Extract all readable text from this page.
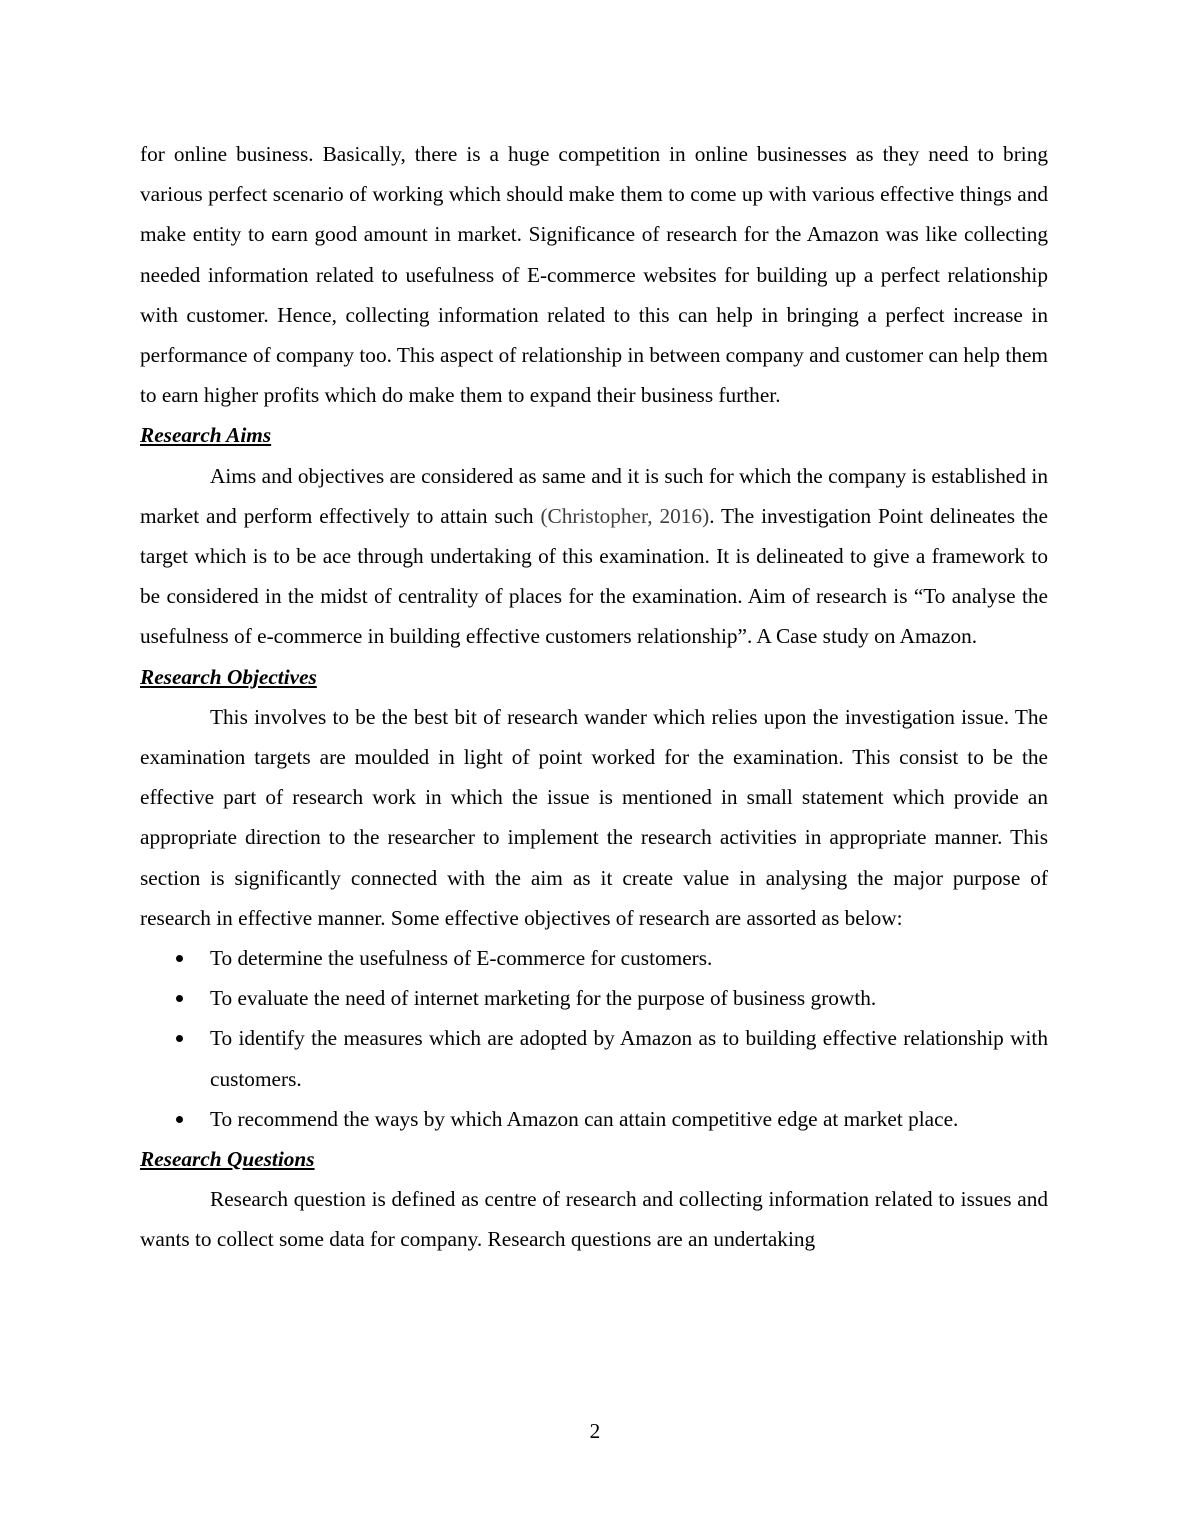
for online business. Basically, there is a huge competition in online businesses as they need to bring various perfect scenario of working which should make them to come up with various effective things and make entity to earn good amount in market. Significance of research for the Amazon was like collecting needed information related to usefulness of E-commerce websites for building up a perfect relationship with customer. Hence, collecting information related to this can help in bringing a perfect increase in performance of company too. This aspect of relationship in between company and customer can help them to earn higher profits which do make them to expand their business further.

Research Aims

Aims and objectives are considered as same and it is such for which the company is established in market and perform effectively to attain such (Christopher, 2016). The investigation Point delineates the target which is to be ace through undertaking of this examination. It is delineated to give a framework to be considered in the midst of centrality of places for the examination. Aim of research is “To analyse the usefulness of e-commerce in building effective customers relationship”. A Case study on Amazon.

Research Objectives

This involves to be the best bit of research wander which relies upon the investigation issue. The examination targets are moulded in light of point worked for the examination. This consist to be the effective part of research work in which the issue is mentioned in small statement which provide an appropriate direction to the researcher to implement the research activities in appropriate manner. This section is significantly connected with the aim as it create value in analysing the major purpose of research in effective manner. Some effective objectives of research are assorted as below:

To determine the usefulness of E-commerce for customers.
To evaluate the need of internet marketing for the purpose of business growth.
To identify the measures which are adopted by Amazon as to building effective relationship with customers.
To recommend the ways by which Amazon can attain competitive edge at market place.
Research Questions

Research question is defined as centre of research and collecting information related to issues and wants to collect some data for company. Research questions are an undertaking

2
